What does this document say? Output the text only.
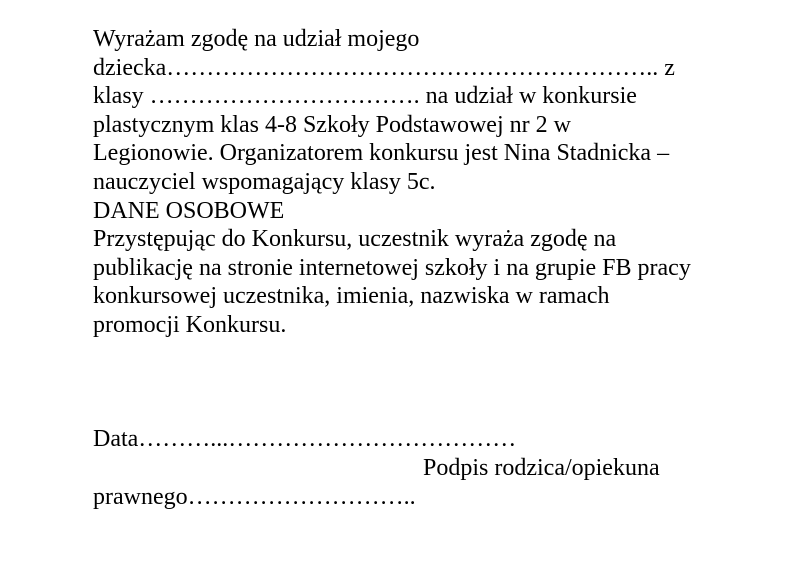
Wyrażam zgodę na udział mojego
dziecka…………………………………………………….. z
klasy ……………………………. na udział w konkursie
plastycznym klas 4-8 Szkoły Podstawowej nr 2 w
Legionowie. Organizatorem konkursu jest Nina Stadnicka –
nauczyciel wspomagający klasy 5c.
DANE OSOBOWE
Przystępując do Konkursu, uczestnik wyraża zgodę na
publikację na stronie internetowej szkoły i na grupie FB pracy
konkursowej uczestnika, imienia, nazwiska w ramach
promocji Konkursu.
Data………...………………………………
Podpis rodzica/opiekuna
prawnego………………………..
